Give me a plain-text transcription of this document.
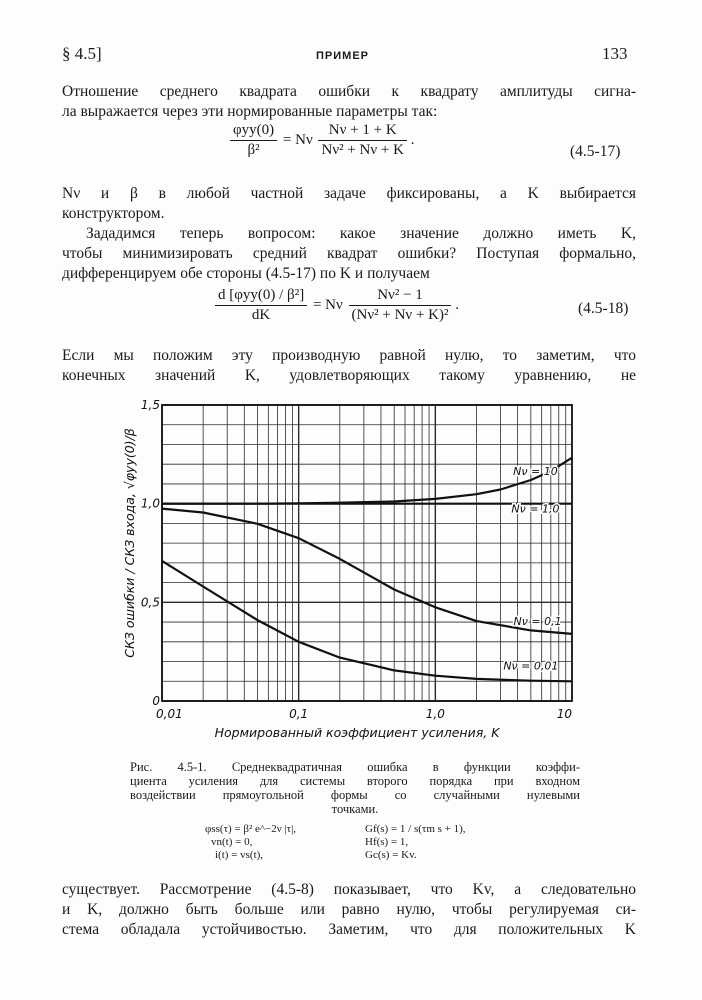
§ 4.5]	ПРИМЕР	133
Отношение среднего квадрата ошибки к квадрату амплитуды сигна-
ла выражается через эти нормированные параметры так:
$\frac{\text{φyy(0)}}{\text{β²}} = N\nu \frac{N\nu + 1 + K}{\text{Nν² + Nν + K}}$ .
(4.5-17)
Nν и β в любой частной задаче фиксированы, а K выбирается
конструктором.
Зададимся теперь вопросом: какое значение должно иметь K,
чтобы минимизировать средний квадрат ошибки? Поступая формально,
дифференцируем обе стороны (4.5-17) по K и получаем
$\frac{\text{d [φyy(0) / β²]}}{dK} = N\nu \frac{\text{Nν² − 1}}{\text{(Nν² + Nν + K)²}}$ .	(4.5-18)
Если мы положим эту производную равной нулю, то заметим, что
конечных значений K, удовлетворяющих такому уравнению, не
0
0,5
1,0
1,5
0,01	0,1	1,0	10
Нормированный коэффициент усиления, K
СКЗ ошибки / СКЗ входа, √φyy(0)/β	Nν = 10
Nν = 1,0
Nν = 0,1
Nν = 0,01
Рис. 4.5-1. Среднеквадратичная ошибка в функции коэффи-
циента усиления для системы второго порядка при входном
воздействии прямоугольной формы со случайными нулевыми
точками.
φss(τ) = β² e^−2ν |τ|,
vn(t) = 0,
i(t) = vs(t),
Gf(s) = 1 / s(τm s + 1),
Hf(s) = 1,
Gc(s) = Kv.
существует. Рассмотрение (4.5-8) показывает, что Kv, а следовательно
и K, должно быть больше или равно нулю, чтобы регулируемая си-
стема обладала устойчивостью. Заметим, что для положительных K
